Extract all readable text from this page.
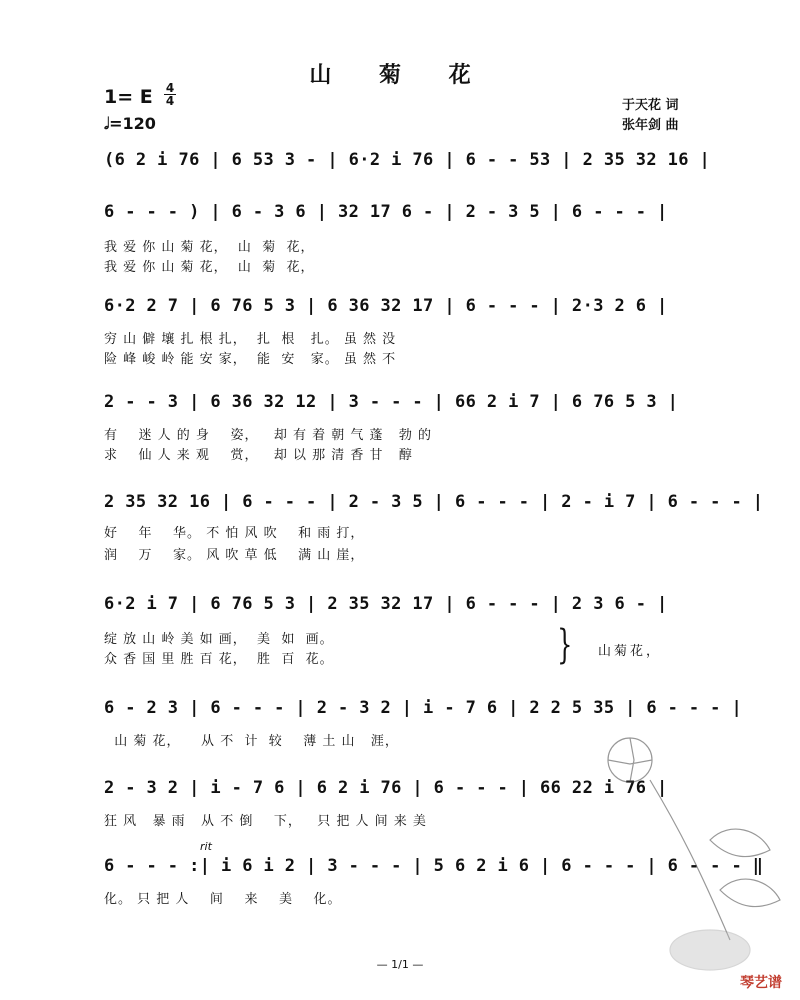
山 菊 花
1= E 4
4
𝅗𝅥=120
于天花 词
张年剑 曲
(6 2 i 76 | 6 53 3 - | 6·2 i 76 | 6 - - 53 | 2 35 32 16 |
6 - - - ) | 6 - 3 6 | 32 17 6 - | 2 - 3 5 | 6 - - - |
我 爱 你 山 菊 花，  山  菊  花，
我 爱 你 山 菊 花，  山  菊  花，
6·2 2 7 | 6 76 5 3 | 6 36 32 17 | 6 - - - | 2·3 2 6 |
穷 山 僻 壤 扎 根 扎，  扎  根   扎。 虽 然 没
险 峰 峻 岭 能 安 家，  能  安   家。 虽 然 不
2 - - 3 | 6 36 32 12 | 3 - - - | 66 2 i 7 | 6 76 5 3 |
有    迷 人 的 身    姿，   却 有 着 朝 气 蓬   勃 的
求    仙 人 来 观    赏，   却 以 那 清 香 甘   醇
2 35 32 16 | 6 - - - | 2 - 3 5 | 6 - - - | 2 - i 7 | 6 - - - |
好    年    华。 不 怕 风 吹    和 雨 打，
润    万    家。 风 吹 草 低    满 山 崖，
6·2 i 7 | 6 76 5 3 | 2 35 32 17 | 6 - - - | 2 3 6 - |
绽 放 山 岭 美 如 画，  美  如  画。
众 香 国 里 胜 百 花，  胜  百  花。	} 山菊花，
6 - 2 3 | 6 - - - | 2 - 3 2 | i - 7 6 | 2 2 5 35 | 6 - - - |
山 菊 花，    从 不  计  较    薄 土 山   涯，
2 - 3 2 | i - 7 6 | 6 2 i 76 | 6 - - - | 66 22 i 76 |
狂 风   暴 雨   从 不 倒    下，   只 把 人 间 来 美
rit
6 - - - :| i 6 i 2 | 3 - - - | 5 6 2 i 6 | 6 - - - | 6 - - - ‖
化。 只 把 人    间    来    美    化。
— 1/1 —
琴艺谱
